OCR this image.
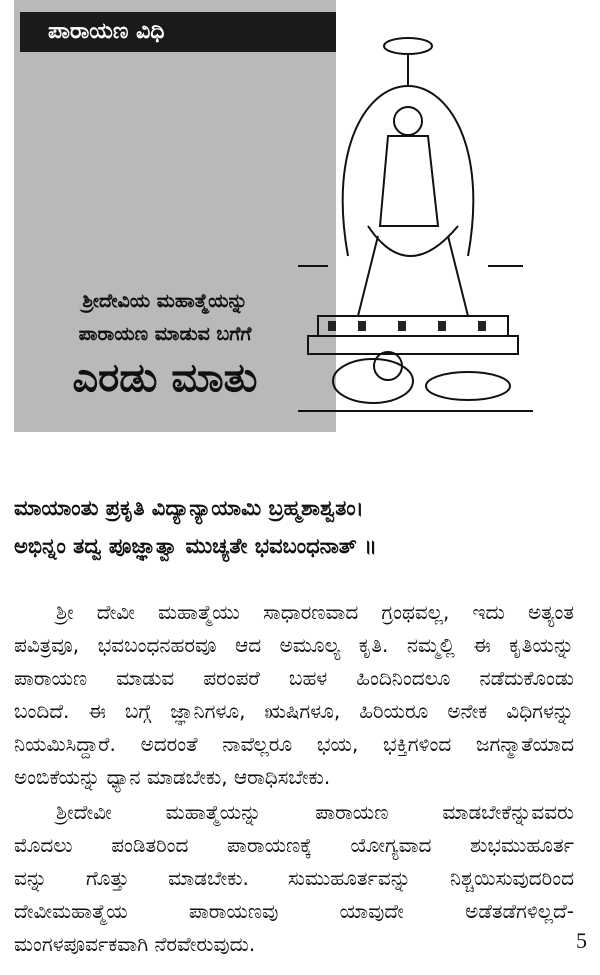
ಪಾರಾಯಣ ವಿಧಿ
ಶ್ರೀದೇವಿಯ ಮಹಾತ್ಮೆಯನ್ನು
ಪಾರಾಯಣ ಮಾಡುವ ಬಗೆಗೆ
ಎರಡು ಮಾತು
ಮಾಯಾಂತು ಪ್ರಕೃತಿ ವಿದ್ಯಾನ್ಯಾಯಾಮಿ ಬ್ರಹ್ಮಶಾಶ್ವತಂ।
ಅಭಿನ್ನಂ ತದ್ವ ಪೂಜ್ಞಾತ್ವಾ ಮುಚ್ಯತೇ ಭವಬಂಧನಾತ್ ॥
ಶ್ರೀ ದೇವೀ ಮಹಾತ್ಮೆಯು ಸಾಧಾರಣವಾದ ಗ್ರಂಥವಲ್ಲ, ಇದು ಅತ್ಯಂತ
ಪವಿತ್ರವೂ, ಭವಬಂಧನಹರವೂ ಆದ ಅಮೂಲ್ಯ ಕೃತಿ. ನಮ್ಮಲ್ಲಿ ಈ ಕೃತಿಯನ್ನು
ಪಾರಾಯಣ ಮಾಡುವ ಪರಂಪರೆ ಬಹಳ ಹಿಂದಿನಿಂದಲೂ ನಡೆದುಕೊಂಡು
ಬಂದಿದೆ. ಈ ಬಗ್ಗೆ ಜ್ಞಾನಿಗಳೂ, ಋಷಿಗಳೂ, ಹಿರಿಯರೂ ಅನೇಕ ವಿಧಿಗಳನ್ನು
ನಿಯಮಿಸಿದ್ದಾರೆ. ಅದರಂತೆ ನಾವೆಲ್ಲರೂ ಭಯ, ಭಕ್ತಿಗಳಿಂದ ಜಗನ್ಮಾತೆಯಾದ
ಅಂಬಿಕೆಯನ್ನು ಧ್ಯಾನ ಮಾಡಬೇಕು, ಆರಾಧಿಸಬೇಕು.
ಶ್ರೀದೇವೀ ಮಹಾತ್ಮೆಯನ್ನು ಪಾರಾಯಣ ಮಾಡಬೇಕೆನ್ನುವವರು
ಮೊದಲು ಪಂಡಿತರಿಂದ ಪಾರಾಯಣಕ್ಕೆ ಯೋಗ್ಯವಾದ ಶುಭಮುಹೂರ್ತ
ವನ್ನು ಗೊತ್ತು ಮಾಡಬೇಕು. ಸುಮುಹೂರ್ತವನ್ನು ನಿಶ್ಚಯಿಸುವುದರಿಂದ
ದೇವೀಮಹಾತ್ಮೆಯ ಪಾರಾಯಣವು ಯಾವುದೇ ಅಡೆತಡೆಗಳಿಲ್ಲದೆ-
ಮಂಗಳಪೂರ್ವಕವಾಗಿ ನೆರವೇರುವುದು.	5
